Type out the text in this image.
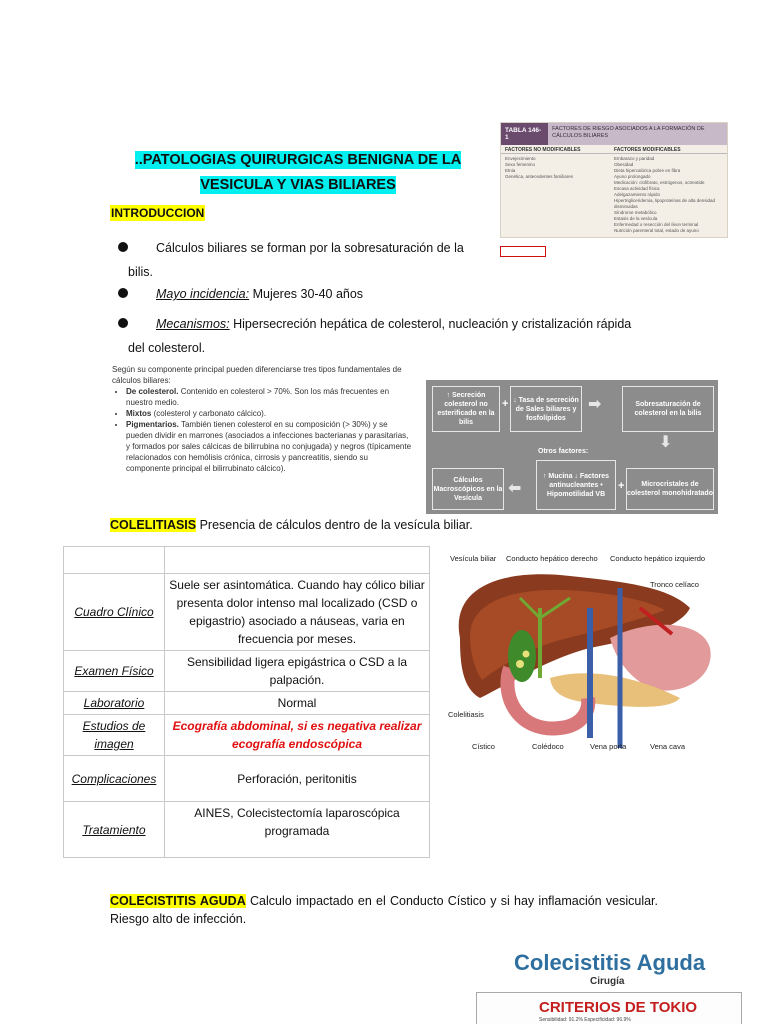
..PATOLOGIAS QUIRURGICAS BENIGNA DE LA
VESICULA Y VIAS BILIARES
INTRODUCCION
Cálculos biliares se forman por la sobresaturación de la
bilis.
Mayo incidencia: Mujeres 30-40 años
Mecanismos: Hipersecreción hepática de colesterol, nucleación y cristalización rápida
del colesterol.
TABLA 146-1
FACTORES DE RIESGO ASOCIADOS A LA FORMACIÓN DE CÁLCULOS BILIARES
FACTORES NO MODIFICABLES	FACTORES MODIFICABLES
Envejecimiento
Sexo femenino
Etnia
Genética, antecedentes familiares
Embarazo y paridad
Obesidad
Dieta hipercalórica pobre en fibra
Ayuno prolongado
Medicación: clofibrato, estrógenos, octreotide
Escasa actividad física
Adelgazamiento rápido
Hipertrigliceridemia, lipoproteínas de alta densidad disminuidas
Síndrome metabólico
Estasis de la vesícula
Enfermedad o resección del íleon terminal
Nutrición parenteral total, estado de ayuno
Según su componente principal pueden diferenciarse tres tipos fundamentales de cálculos biliares:
• De colesterol. Contenido en colesterol > 70%. Son los más frecuentes en nuestro medio.
• Mixtos (colesterol y carbonato cálcico).
• Pigmentarios. También tienen colesterol en su composición (> 30%) y se pueden dividir en marrones (asociados a infecciones bacterianas y parasitarias, y formados por sales cálcicas de bilirrubina no conjugada) y negros (típicamente relacionados con hemólisis crónica, cirrosis y pancreatitis, siendo su componente principal el bilirrubinato cálcico).
↑ Secreción colesterol no esterificado en la bilis
+ ↓ Tasa de secreción de Sales biliares y fosfolípidos
➡	Sobresaturación de colesterol en la bilis
⬇
Otros factores:
Cálculos Macroscópicos en la Vesícula
⬅
↑ Mucina ↓ Factores antinucleantes • Hipomotilidad VB
+	Microcristales de colesterol monohidratado
COLELITIASIS Presencia de cálculos dentro de la vesícula biliar.

Cuadro Clínico	Suele ser asintomática. Cuando hay cólico biliar presenta dolor intenso mal localizado (CSD o epigastrio) asociado a náuseas, varia en frecuencia por meses.
Examen Físico	Sensibilidad ligera epigástrica o CSD a la palpación.
Laboratorio	Normal
Estudios de imagen	Ecografía abdominal, si es negativa realizar ecografía endoscópica
Complicaciones	Perforación, peritonitis
Tratamiento	AINES, Colecistectomía laparoscópica programada
Vesícula biliar Conducto hepático derecho Conducto hepático izquierdo
Tronco celíaco
Colelitiasis
Cístico	Colédoco	Vena porta	Vena cava
COLECISTITIS AGUDA Calculo impactado en el Conducto Cístico y si hay inflamación vesicular. Riesgo alto de infección.
Colecistitis Aguda
Cirugía
CRITERIOS DE TOKIO
Sensibilidad: 91.2% Especificidad: 96.9%
